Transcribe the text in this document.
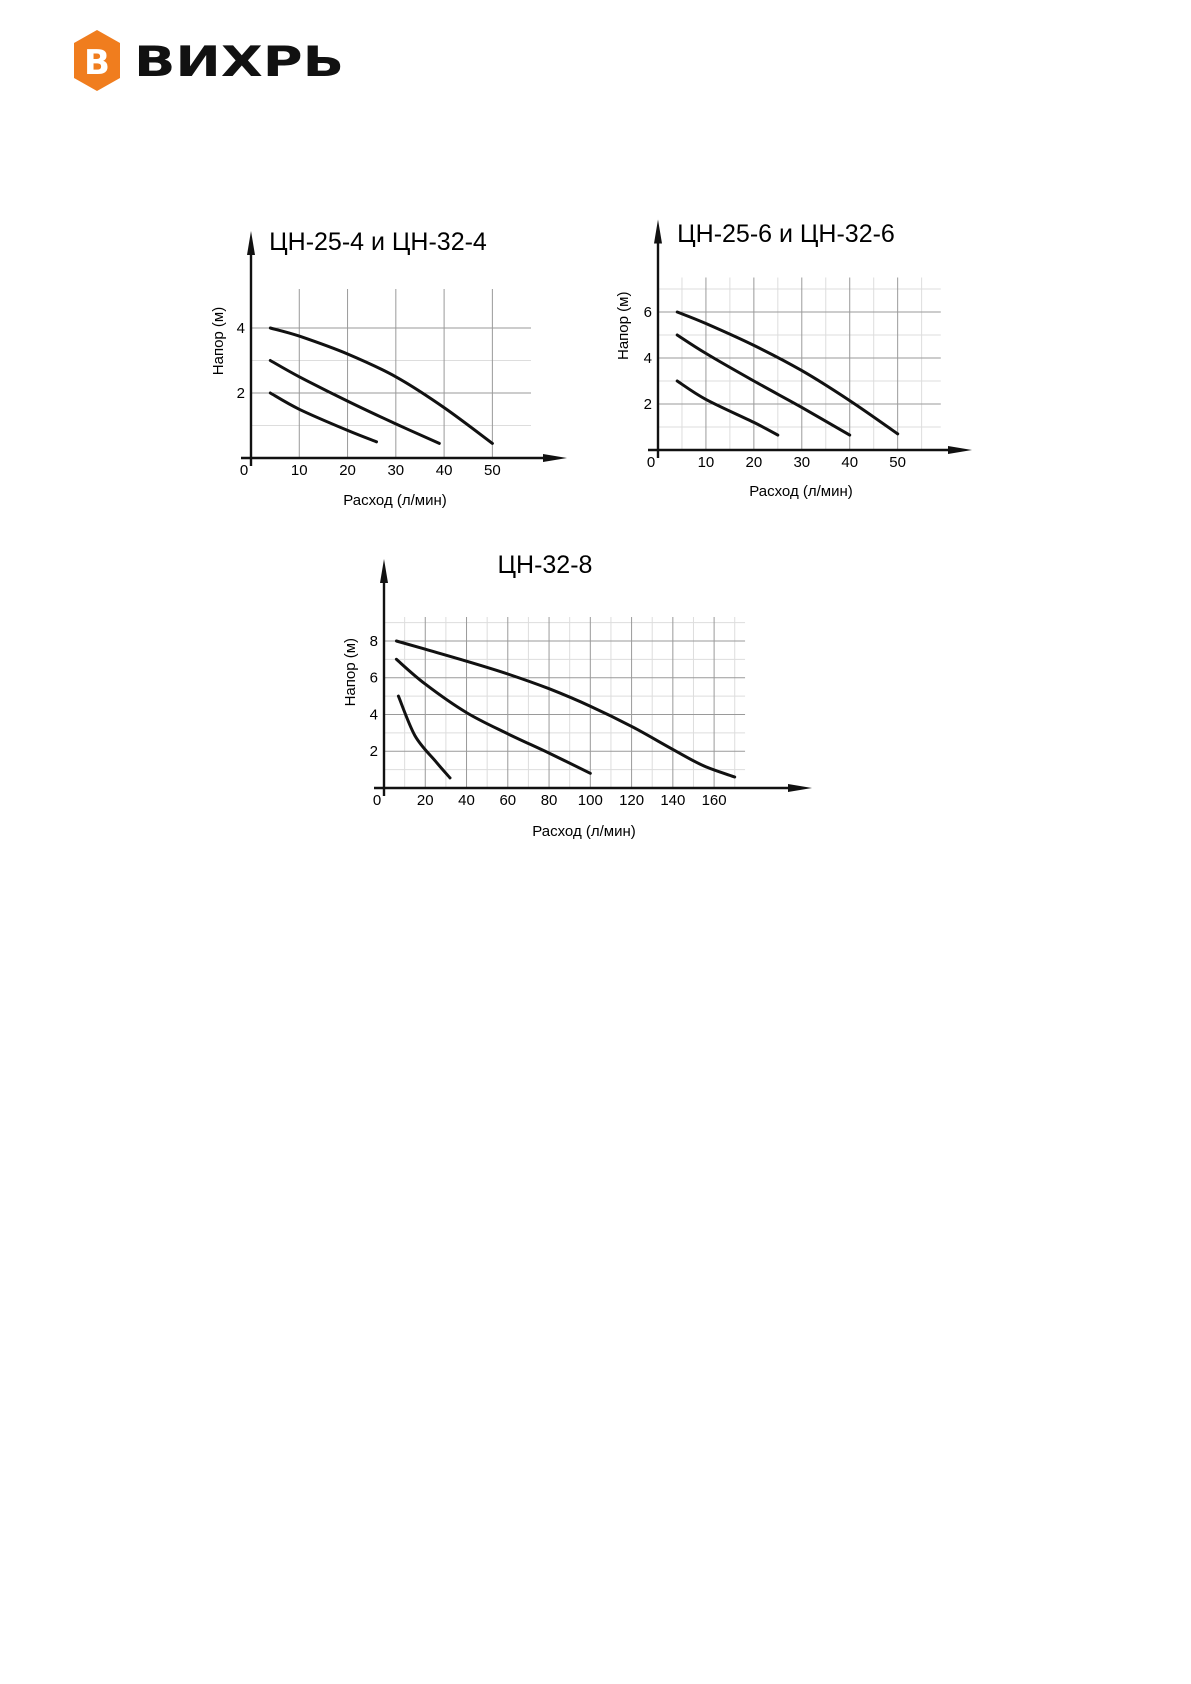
В ВИХРЬ
0	10 20 30 40 50
2
4
ЦН-25-4 и ЦН-32-4
Расход (л/мин)
Напор (м)
0	10 20 30 40 50
2
4
6
ЦН-25-6 и ЦН-32-6
Расход (л/мин)
Напор (м)
0 20 40 60 80 100 120 140 160
2
4
6
8
ЦН-32-8
Расход (л/мин)
Напор (м)
